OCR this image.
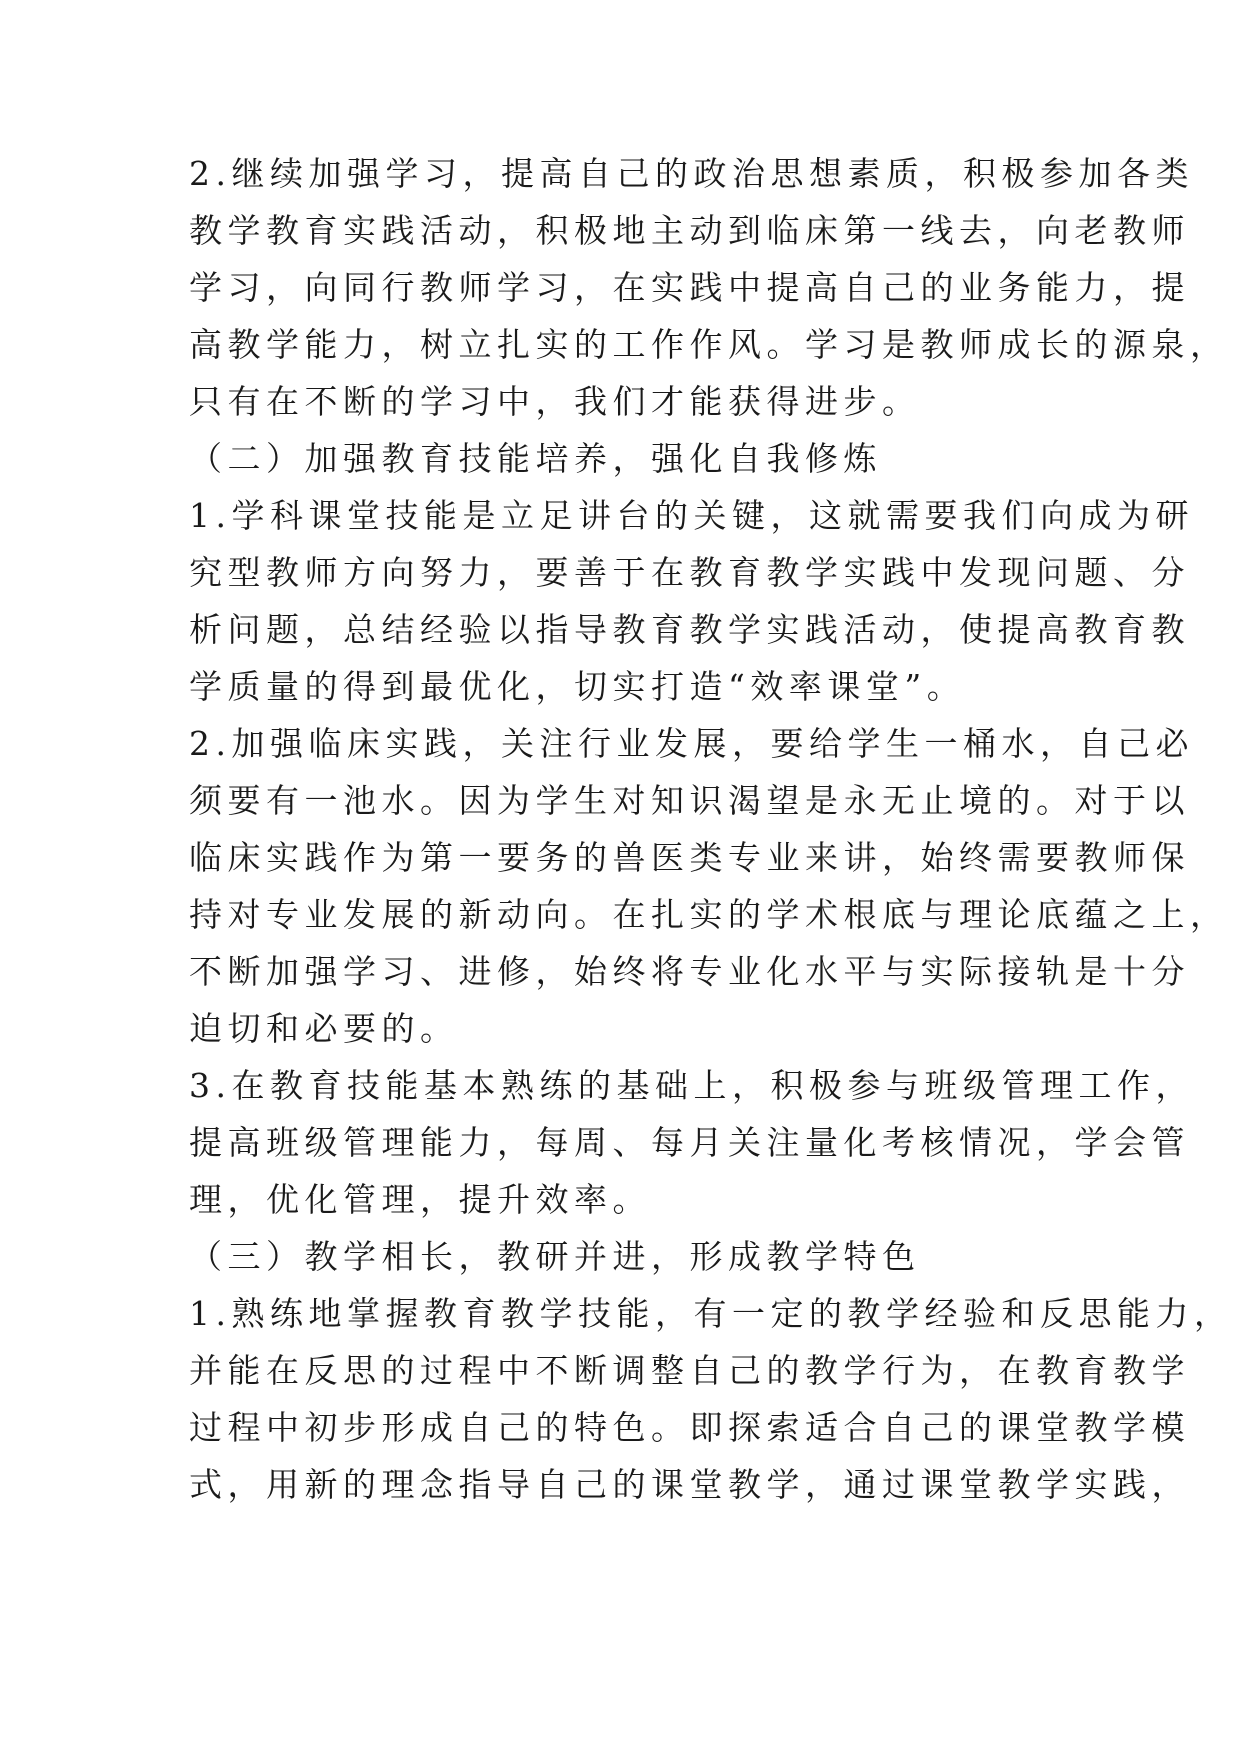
2.继续加强学习，提高自己的政治思想素质，积极参加各类
教学教育实践活动，积极地主动到临床第一线去，向老教师
学习，向同行教师学习，在实践中提高自己的业务能力，提
高教学能力，树立扎实的工作作风。学习是教师成长的源泉，
只有在不断的学习中，我们才能获得进步。
（二）加强教育技能培养，强化自我修炼
1.学科课堂技能是立足讲台的关键，这就需要我们向成为研
究型教师方向努力，要善于在教育教学实践中发现问题、分
析问题，总结经验以指导教育教学实践活动，使提高教育教
学质量的得到最优化，切实打造“效率课堂”。
2.加强临床实践，关注行业发展，要给学生一桶水，自己必
须要有一池水。因为学生对知识渴望是永无止境的。对于以
临床实践作为第一要务的兽医类专业来讲，始终需要教师保
持对专业发展的新动向。在扎实的学术根底与理论底蕴之上，
不断加强学习、进修，始终将专业化水平与实际接轨是十分
迫切和必要的。
3.在教育技能基本熟练的基础上，积极参与班级管理工作，
提高班级管理能力，每周、每月关注量化考核情况，学会管
理，优化管理，提升效率。
（三）教学相长，教研并进，形成教学特色
1.熟练地掌握教育教学技能，有一定的教学经验和反思能力，
并能在反思的过程中不断调整自己的教学行为，在教育教学
过程中初步形成自己的特色。即探索适合自己的课堂教学模
式，用新的理念指导自己的课堂教学，通过课堂教学实践，
